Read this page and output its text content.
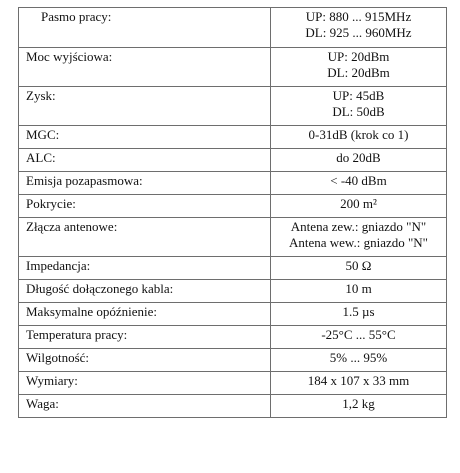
Pasmo pracy:	UP: 880 ... 915MHz
DL: 925 ... 960MHz

Moc wyjściowa:	UP: 20dBm
DL: 20dBm

Zysk:	UP: 45dB
DL: 50dB

MGC:	0-31dB (krok co 1)

ALC:	do 20dB

Emisja pozapasmowa:	< -40 dBm

Pokrycie:	200 m²

Złącza antenowe:	Antena zew.: gniazdo "N"
Antena wew.: gniazdo "N"

Impedancja:	50 Ω

Długość dołączonego kabla:	10 m

Maksymalne opóźnienie:	1.5 µs

Temperatura pracy:	-25°C ... 55°C

Wilgotność:	5% ... 95%

Wymiary:	184 x 107 x 33 mm

Waga:	1,2 kg
